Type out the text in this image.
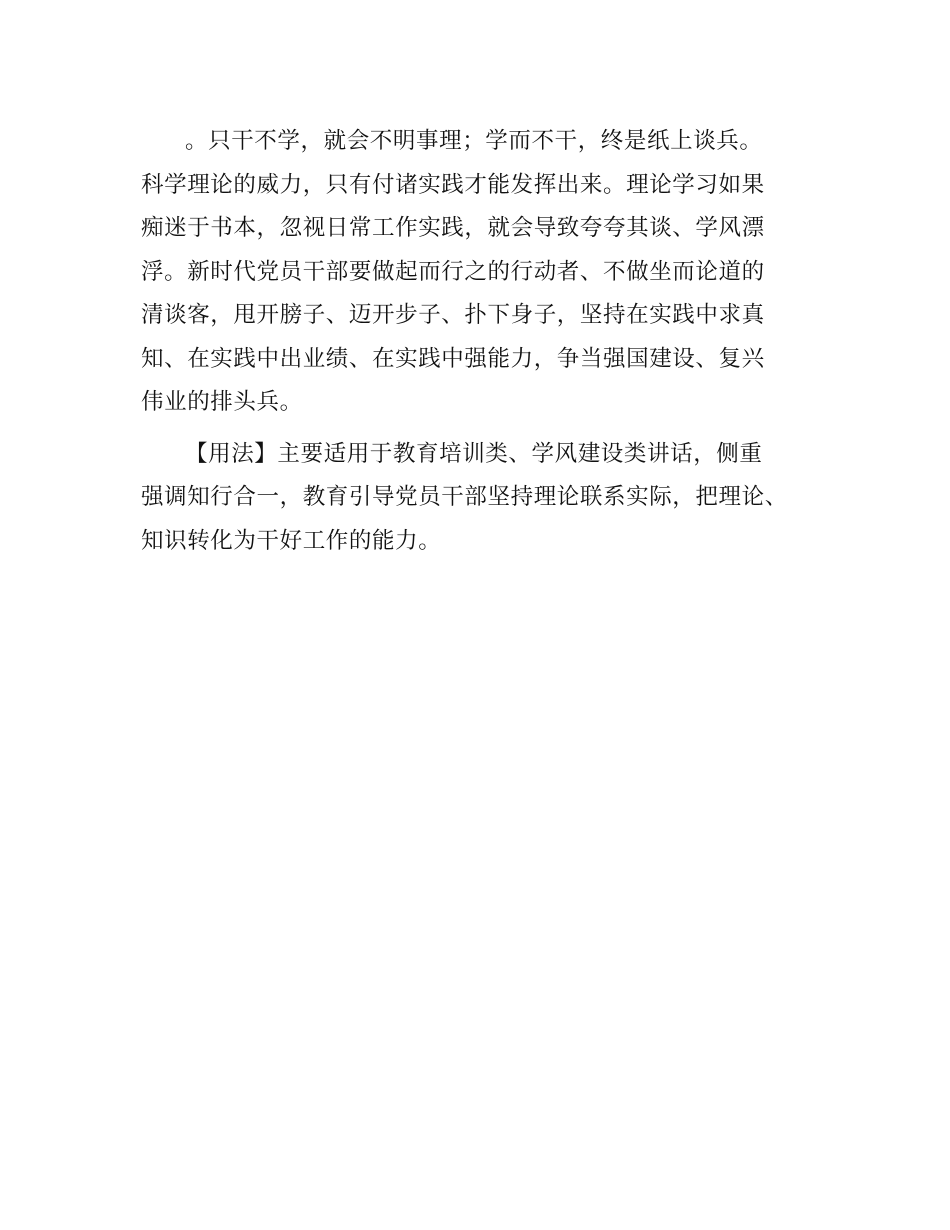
。只干不学，就会不明事理；学而不干，终是纸上谈兵。
科学理论的威力，只有付诸实践才能发挥出来。理论学习如果
痴迷于书本，忽视日常工作实践，就会导致夸夸其谈、学风漂
浮。新时代党员干部要做起而行之的行动者、不做坐而论道的
清谈客，甩开膀子、迈开步子、扑下身子，坚持在实践中求真
知、在实践中出业绩、在实践中强能力，争当强国建设、复兴
伟业的排头兵。
【用法】主要适用于教育培训类、学风建设类讲话，侧重
强调知行合一，教育引导党员干部坚持理论联系实际，把理论、
知识转化为干好工作的能力。
